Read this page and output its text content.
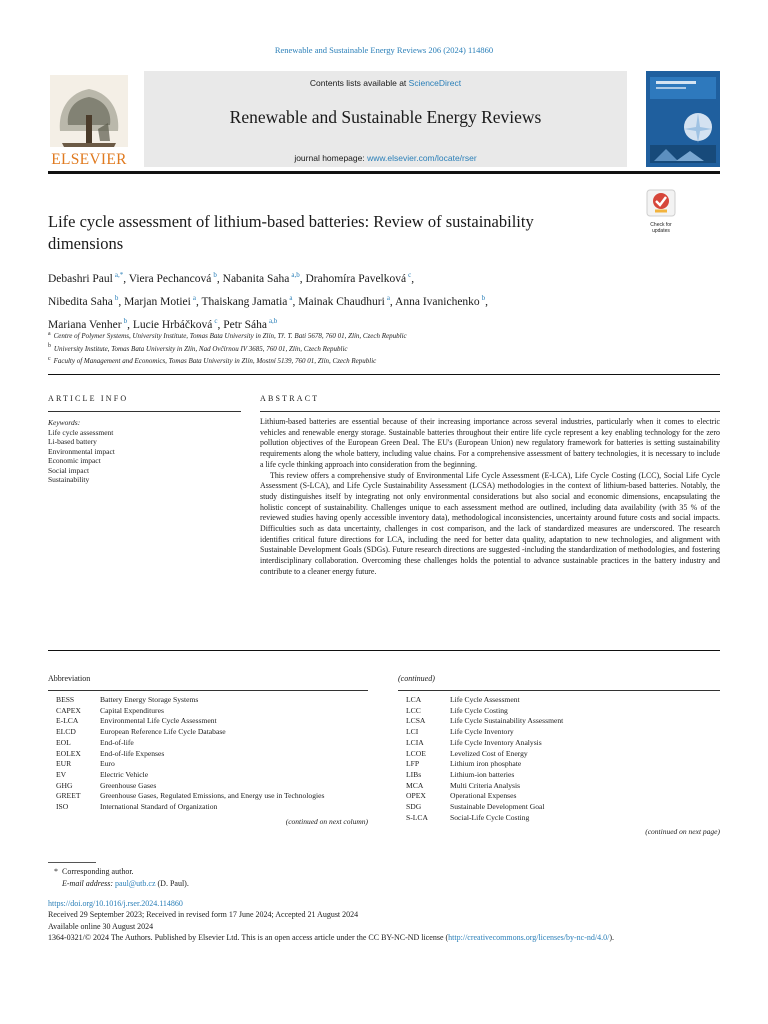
Renewable and Sustainable Energy Reviews 206 (2024) 114860
ELSEVIER
Contents lists available at ScienceDirect
Renewable and Sustainable Energy Reviews
journal homepage: www.elsevier.com/locate/rser
Life cycle assessment of lithium-based batteries: Review of sustainability dimensions
Check for updates
Debashri Paul $^{a,*}$, Viera Pechancová $^b$, Nabanita Saha $^{a,b}$, Drahomíra Pavelková $^c$,
Nibedita Saha $^b$, Marjan Motiei $^a$, Thaiskang Jamatia $^a$, Mainak Chaudhuri $^a$, Anna Ivanichenko $^b$,
Mariana Venher $^b$, Lucie Hrbáčková $^c$, Petr Sáha $^{a,b}$
$^a$ Centre of Polymer Systems, University Institute, Tomas Bata University in Zlín, Tř. T. Bati 5678, 760 01, Zlín, Czech Republic
$^b$ University Institute, Tomas Bata University in Zlín, Nad Ovčírnou IV 3685, 760 01, Zlín, Czech Republic
$^c$ Faculty of Management and Economics, Tomas Bata University in Zlín, Mostní 5139, 760 01, Zlín, Czech Republic
ARTICLE INFO
Keywords:
Life cycle assessment
Li-based battery
Environmental impact
Economic impact
Social impact
Sustainability
ABSTRACT

Lithium-based batteries are essential because of their increasing importance across several industries, particularly when it comes to electric vehicles and renewable energy storage. Sustainable batteries throughout their entire life cycle represent a key enabling technology for the zero pollution objectives of the European Green Deal. The EU's (European Union) new regulatory framework for batteries is setting sustainability requirements along the whole battery, including value chains. For a comprehensive assessment of battery technologies, it is necessary to include a life cycle thinking approach into consideration from the beginning.

This review offers a comprehensive study of Environmental Life Cycle Assessment (E-LCA), Life Cycle Costing (LCC), Social Life Cycle Assessment (S-LCA), and Life Cycle Sustainability Assessment (LCSA) methodologies in the context of lithium-based batteries. Notably, the study distinguishes itself by integrating not only environmental considerations but also social and economic dimensions, encapsulating the holistic concept of sustainability. Challenges unique to each assessment method are outlined, including data availability (with 35 % of the reviewed studies having openly accessible inventory data), methodological inconsistencies, uncertainty around future costs and social impacts. Difficulties such as data uncertainty, challenges in cost comparison, and the lack of standardized measures are underscored. The research identifies critical future directions for LCA, including the need for better data quality, adaptation to new technologies, and alignment with Sustainable Development Goals (SDGs). Future research directions are suggested -including the standardization of methodologies, and fostering interdisciplinary collaboration. Overcoming these challenges holds the potential to advance sustainable practices in the battery industry and contribute to a cleaner energy future.

Abbreviation
BESS	Battery Energy Storage Systems
CAPEX	Capital Expenditures
E-LCA	Environmental Life Cycle Assessment
ELCD	European Reference Life Cycle Database
EOL	End-of-life
EOLEX	End-of-life Expenses
EUR	Euro
EV	Electric Vehicle
GHG	Greenhouse Gases
GREET	Greenhouse Gases, Regulated Emissions, and Energy use in Technologies
ISO	International Standard of Organization
(continued on next column)
(continued)
LCA	Life Cycle Assessment
LCC	Life Cycle Costing
LCSA	Life Cycle Sustainability Assessment
LCI	Life Cycle Inventory
LCIA	Life Cycle Inventory Analysis
LCOE	Levelized Cost of Energy
LFP	Lithium iron phosphate
LIBs	Lithium-ion batteries
MCA	Multi Criteria Analysis
OPEX	Operational Expenses
SDG	Sustainable Development Goal
S-LCA	Social-Life Cycle Costing
(continued on next page)
*  Corresponding author.
E-mail address: paul@utb.cz (D. Paul).
https://doi.org/10.1016/j.rser.2024.114860
Received 29 September 2023; Received in revised form 17 June 2024; Accepted 21 August 2024
Available online 30 August 2024
1364-0321/© 2024 The Authors. Published by Elsevier Ltd. This is an open access article under the CC BY-NC-ND license (http://creativecommons.org/licenses/by-nc-nd/4.0/).
